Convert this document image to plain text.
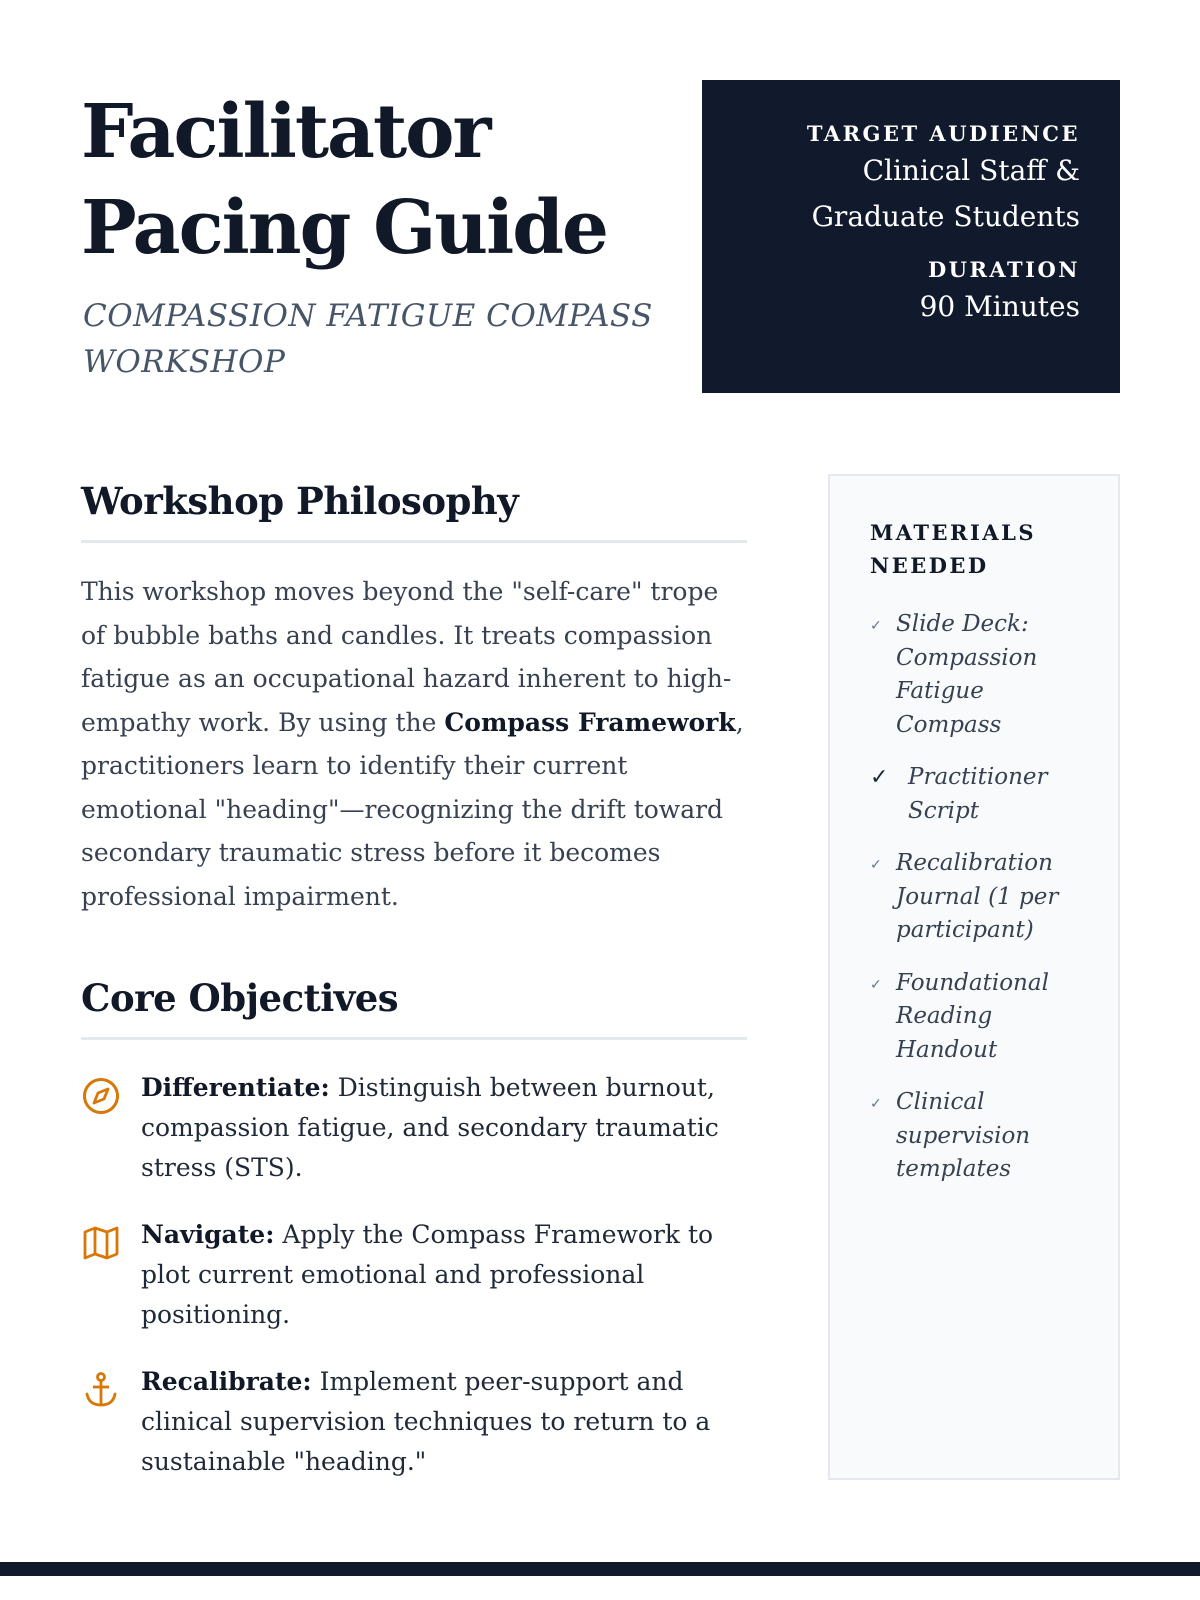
Facilitator
Pacing Guide
COMPASSION FATIGUE COMPASS
WORKSHOP
TARGET AUDIENCE
Clinical Staff &
Graduate Students
DURATION
90 Minutes
Workshop Philosophy
This workshop moves beyond the "self-care" trope of bubble baths and candles. It treats compassion fatigue as an occupational hazard inherent to high-empathy work. By using the Compass Framework, practitioners learn to identify their current emotional "heading"—recognizing the drift toward secondary traumatic stress before it becomes professional impairment.
Core Objectives
Differentiate: Distinguish between burnout, compassion fatigue, and secondary traumatic stress (STS).
Navigate: Apply the Compass Framework to plot current emotional and professional positioning.
Recalibrate: Implement peer-support and clinical supervision techniques to return to a sustainable "heading."
MATERIALS
NEEDED
✓ Slide Deck:
Compassion
Fatigue
Compass
✓ Practitioner
Script
✓ Recalibration
Journal (1 per
participant)
✓ Foundational
Reading
Handout
✓ Clinical
supervision
templates
